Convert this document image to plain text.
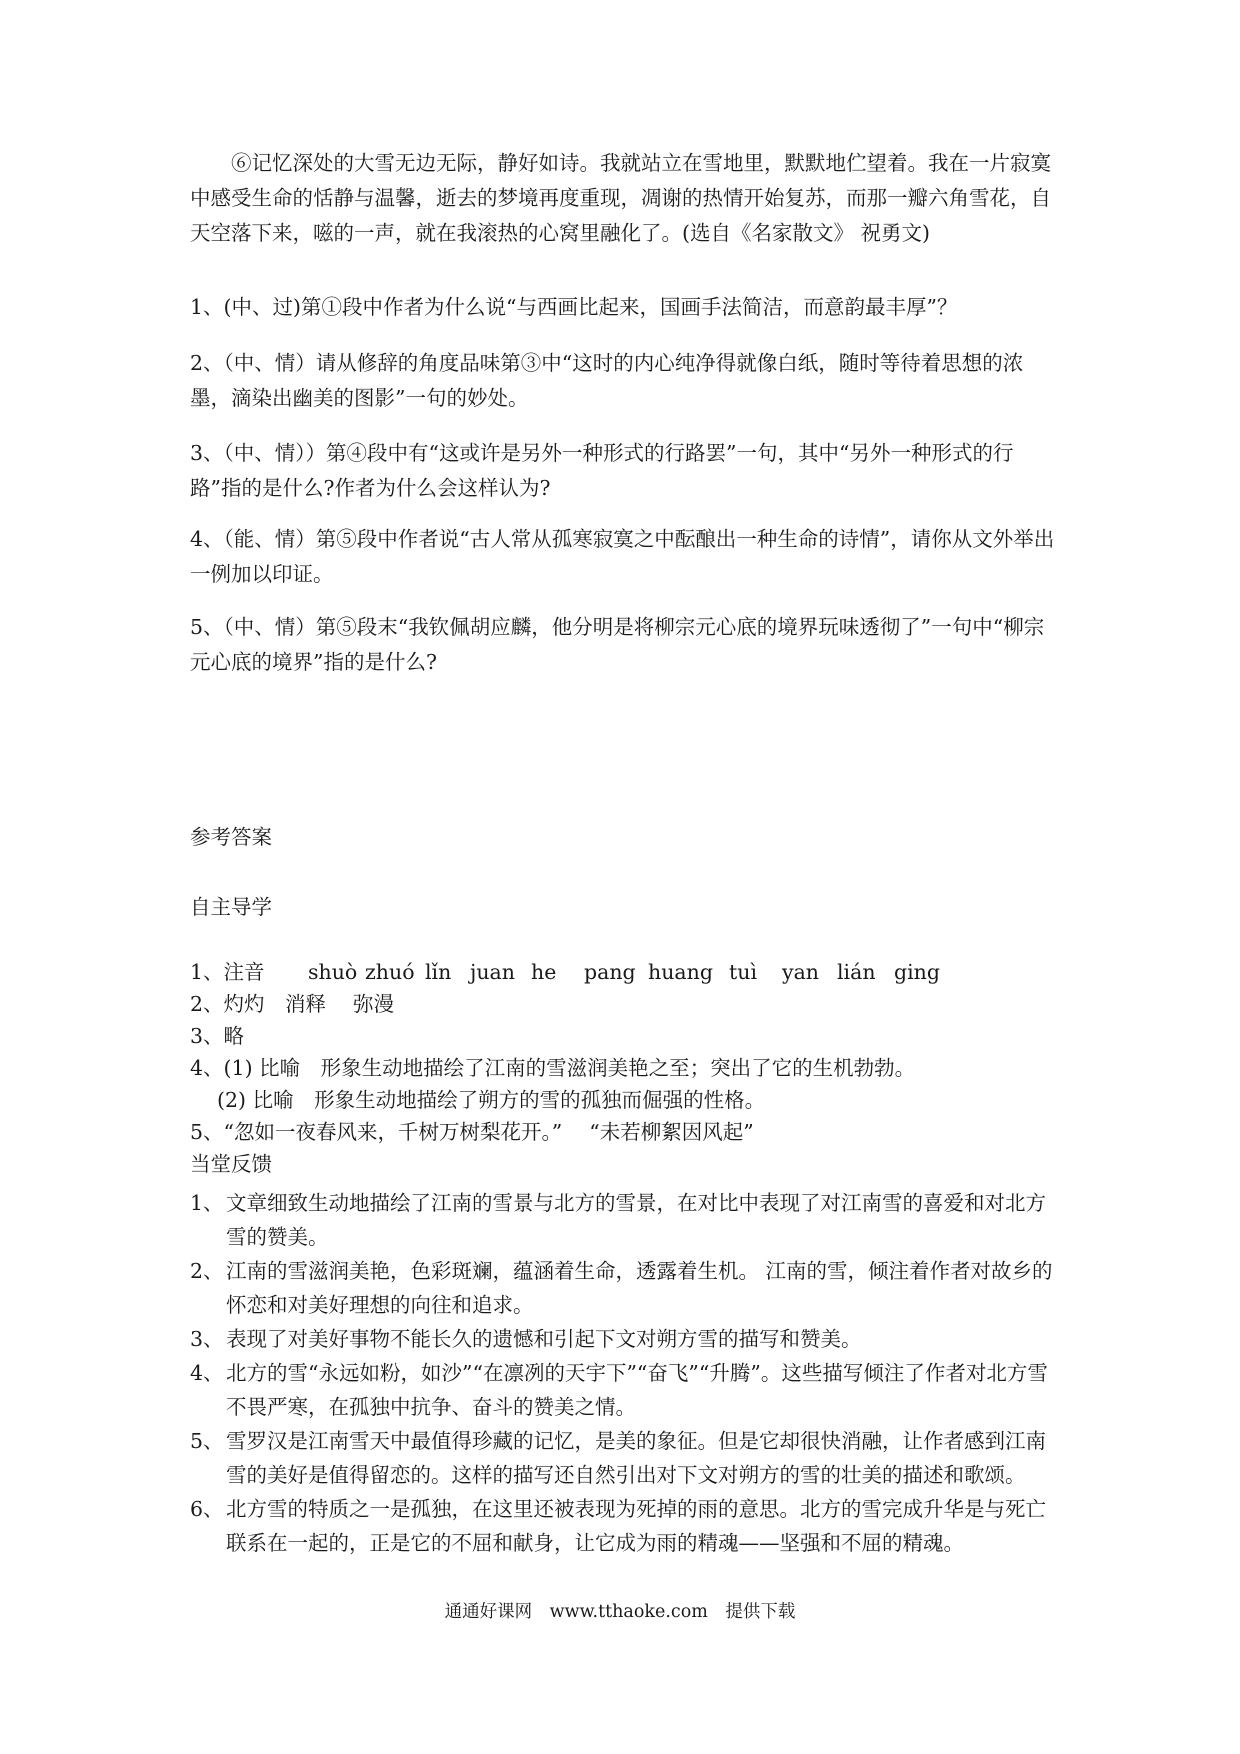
⑥记忆深处的大雪无边无际，静好如诗。我就站立在雪地里，默默地伫望着。我在一片寂寞中感受生命的恬静与温馨，逝去的梦境再度重现，凋谢的热情开始复苏，而那一瓣六角雪花，自天空落下来，嗞的一声，就在我滚热的心窝里融化了。(选自《名家散文》 祝勇文)

1、(中、过)第①段中作者为什么说“与西画比起来，国画手法简洁，而意韵最丰厚”？

2、（中、情）请从修辞的角度品味第③中“这时的内心纯净得就像白纸，随时等待着思想的浓墨，滴染出幽美的图影”一句的妙处。

3、（中、情））第④段中有“这或许是另外一种形式的行路罢”一句，其中“另外一种形式的行路”指的是什么?作者为什么会这样认为?

4、（能、情）第⑤段中作者说“古人常从孤寒寂寞之中酝酿出一种生命的诗情”，请你从文外举出一例加以印证。

5、（中、情）第⑤段末“我钦佩胡应麟，他分明是将柳宗元心底的境界玩味透彻了”一句中“柳宗元心底的境界”指的是什么?

参考答案

自主导学

1、注音	shuò zhuó lǐn juan he	pang huang tuì	yan lián ging

2、灼灼　消释　 弥漫

3、略

4、(1) 比喻　形象生动地描绘了江南的雪滋润美艳之至；突出了它的生机勃勃。

　 (2) 比喻　形象生动地描绘了朔方的雪的孤独而倔强的性格。

5、“忽如一夜春风来，千树万树梨花开。”　 “未若柳絮因风起”

当堂反馈

1、 文章细致生动地描绘了江南的雪景与北方的雪景，在对比中表现了对江南雪的喜爱和对北方雪的赞美。
2、 江南的雪滋润美艳，色彩斑斓，蕴涵着生命，透露着生机。 江南的雪，倾注着作者对故乡的怀恋和对美好理想的向往和追求。
3、 表现了对美好事物不能长久的遗憾和引起下文对朔方雪的描写和赞美。
4、 北方的雪“永远如粉，如沙”“在凛冽的天宇下”“奋飞”“升腾”。这些描写倾注了作者对北方雪不畏严寒，在孤独中抗争、奋斗的赞美之情。
5、 雪罗汉是江南雪天中最值得珍藏的记忆，是美的象征。但是它却很快消融，让作者感到江南雪的美好是值得留恋的。这样的描写还自然引出对下文对朔方的雪的壮美的描述和歌颂。
6、 北方雪的特质之一是孤独，在这里还被表现为死掉的雨的意思。北方的雪完成升华是与死亡联系在一起的，正是它的不屈和献身，让它成为雨的精魂——坚强和不屈的精魂。
通通好课网　www.tthaoke.com　提供下载
